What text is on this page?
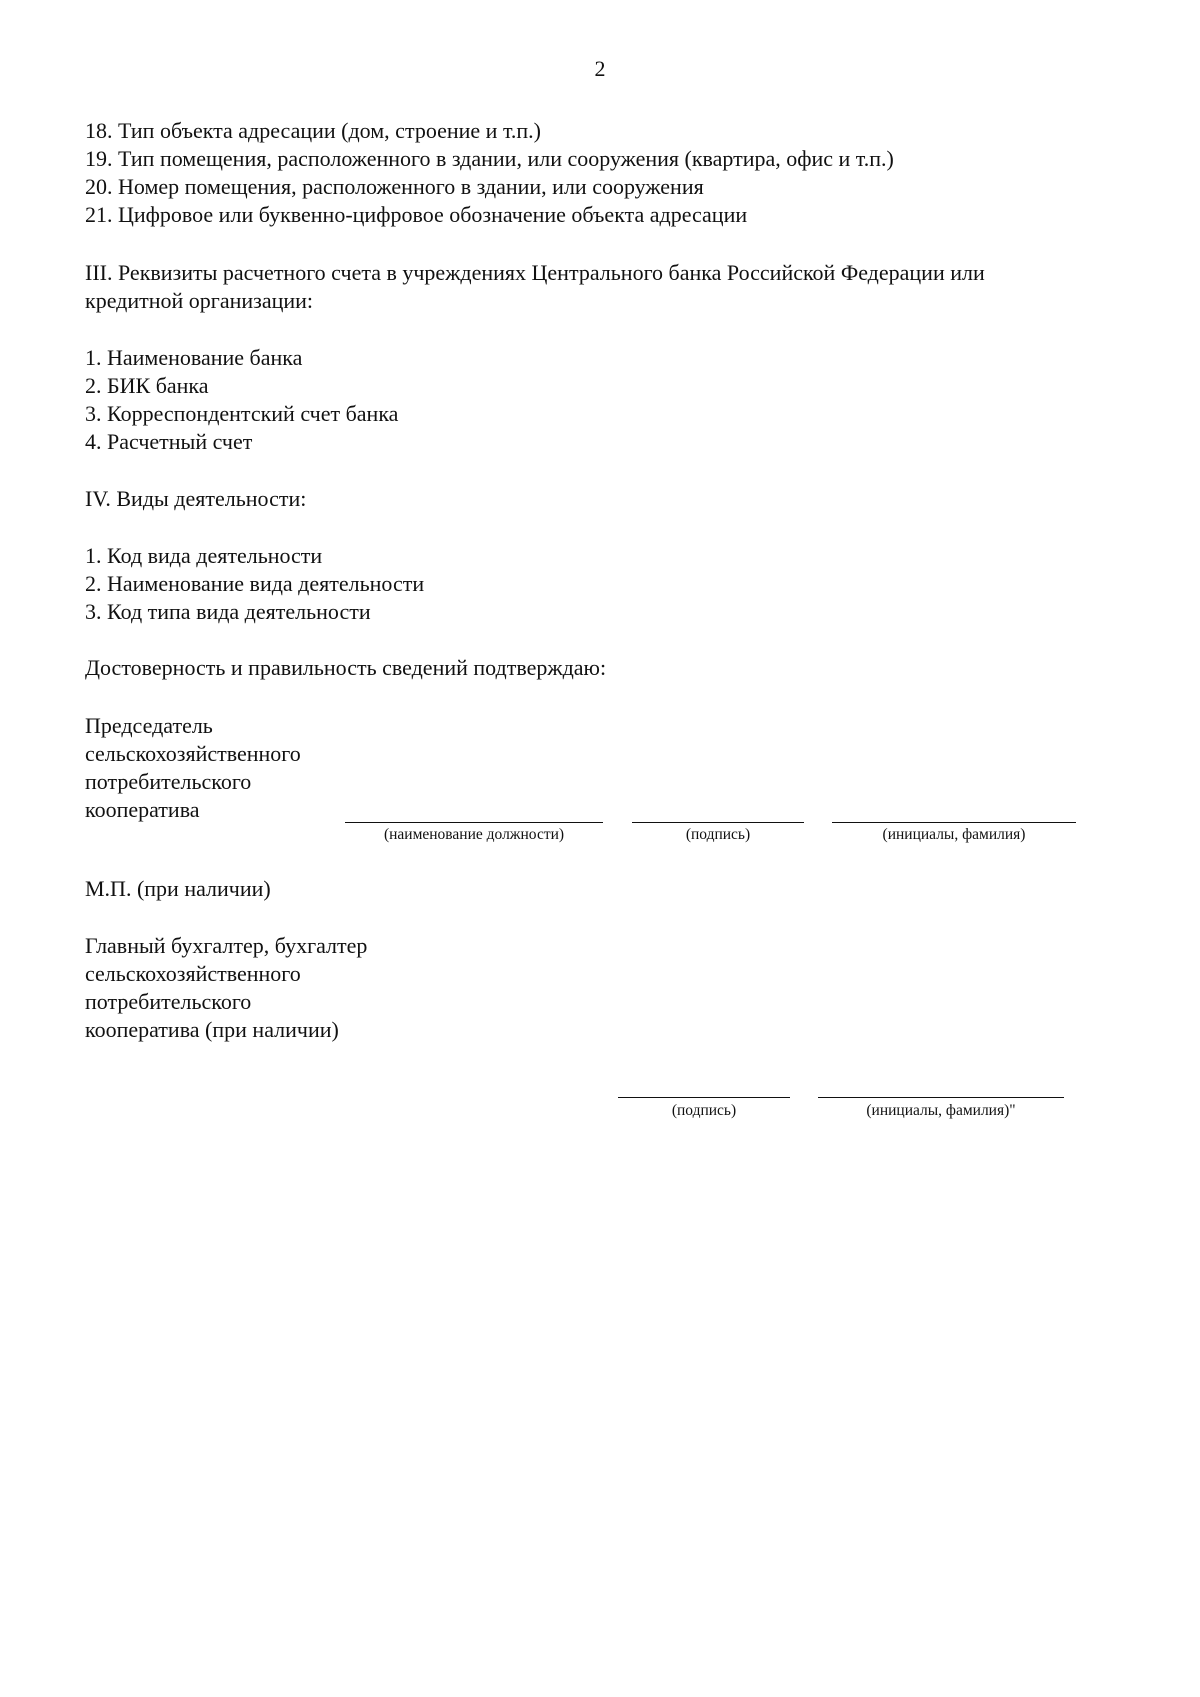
2
18. Тип объекта адресации (дом, строение и т.п.)
19. Тип помещения, расположенного в здании, или сооружения (квартира, офис и т.п.)
20. Номер помещения, расположенного в здании, или сооружения
21. Цифровое или буквенно-цифровое обозначение объекта адресации
III. Реквизиты расчетного счета в учреждениях Центрального банка Российской Федерации или
кредитной организации:
1. Наименование банка
2. БИК банка
3. Корреспондентский счет банка
4. Расчетный счет
IV. Виды деятельности:
1. Код вида деятельности
2. Наименование вида деятельности
3. Код типа вида деятельности
Достоверность и правильность сведений подтверждаю:
Председатель
сельскохозяйственного
потребительского
кооператива
(наименование должности)	(подпись)	(инициалы, фамилия)
М.П. (при наличии)
Главный бухгалтер, бухгалтер
сельскохозяйственного
потребительского
кооператива (при наличии)
(подпись)	(инициалы, фамилия)"
